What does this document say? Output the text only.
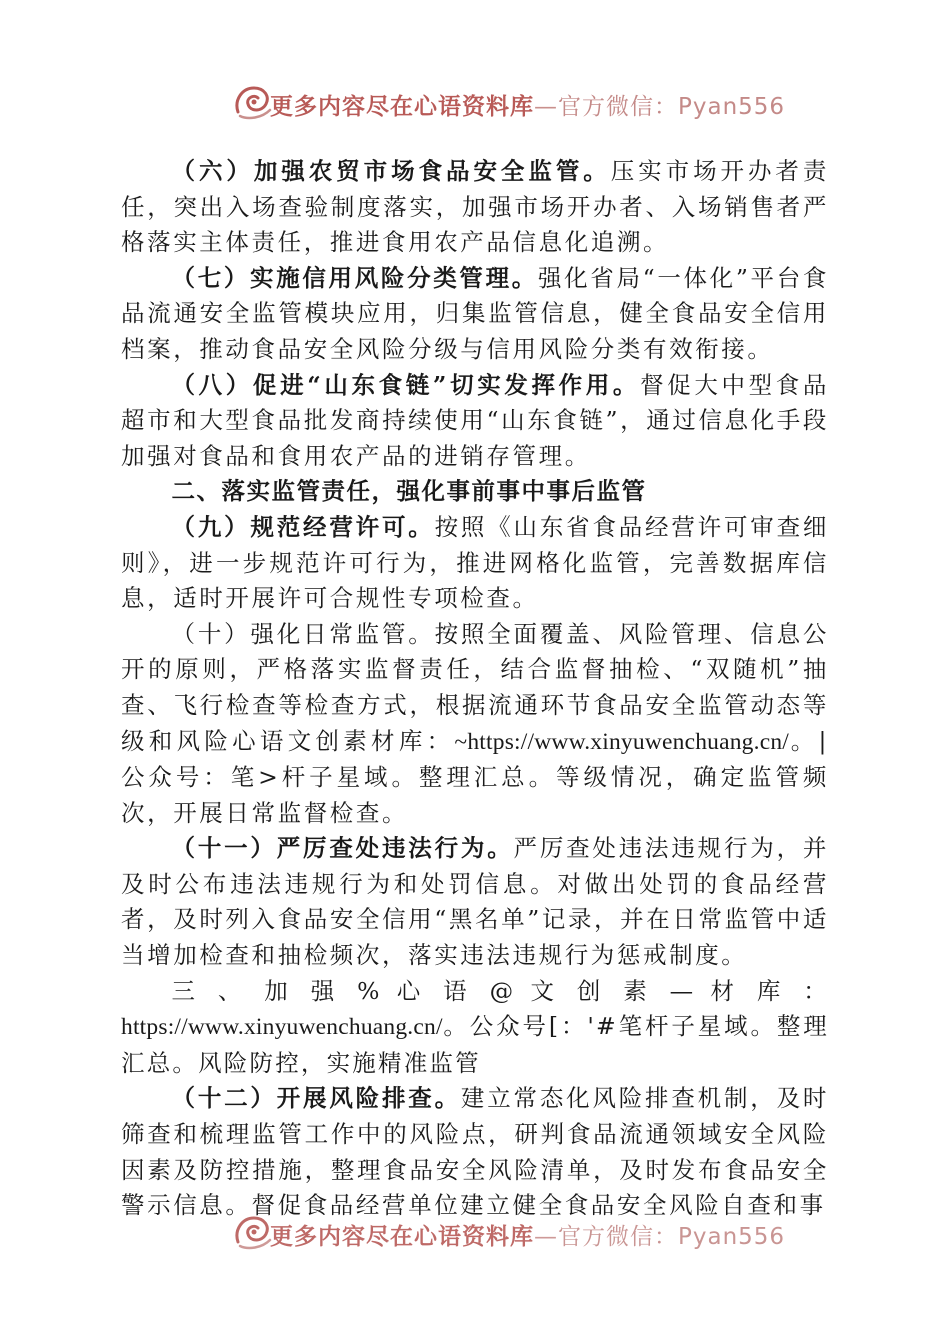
更多内容尽在心语资料库—官方微信：Pyan556

（六）加强农贸市场食品安全监管。压实市场开办者责任，突出入场查验制度落实，加强市场开办者、入场销售者严格落实主体责任，推进食用农产品信息化追溯。

（七）实施信用风险分类管理。强化省局“一体化”平台食品流通安全监管模块应用，归集监管信息，健全食品安全信用档案，推动食品安全风险分级与信用风险分类有效衔接。

（八）促进“山东食链”切实发挥作用。督促大中型食品超市和大型食品批发商持续使用“山东食链”，通过信息化手段加强对食品和食用农产品的进销存管理。

二、落实监管责任，强化事前事中事后监管

（九）规范经营许可。按照《山东省食品经营许可审查细则》，进一步规范许可行为，推进网格化监管，完善数据库信息，适时开展许可合规性专项检查。

（十）强化日常监管。按照全面覆盖、风险管理、信息公开的原则，严格落实监督责任，结合监督抽检、“双随机”抽查、飞行检查等检查方式，根据流通环节食品安全监管动态等级和风险心语文创素材库：~https://www.xinyuwenchuang.cn/。| 公众号：笔>杆子星域。整理汇总。等级情况，确定监管频次，开展日常监督检查。

（十一）严厉查处违法行为。严厉查处违法违规行为，并及时公布违法违规行为和处罚信息。对做出处罚的食品经营者，及时列入食品安全信用“黑名单”记录，并在日常监管中适当增加检查和抽检频次，落实违法违规行为惩戒制度。

三 、 加 强 % 心 语 @ 文 创 素 — 材 库 ： https://www.xinyuwenchuang.cn/。公众号[：'#笔杆子星域。整理汇总。风险防控，实施精准监管

（十二）开展风险排查。建立常态化风险排查机制，及时筛查和梳理监管工作中的风险点，研判食品流通领域安全风险因素及防控措施，整理食品安全风险清单，及时发布食品安全警示信息。督促食品经营单位建立健全食品安全风险自查和事

更多内容尽在心语资料库—官方微信：Pyan556
